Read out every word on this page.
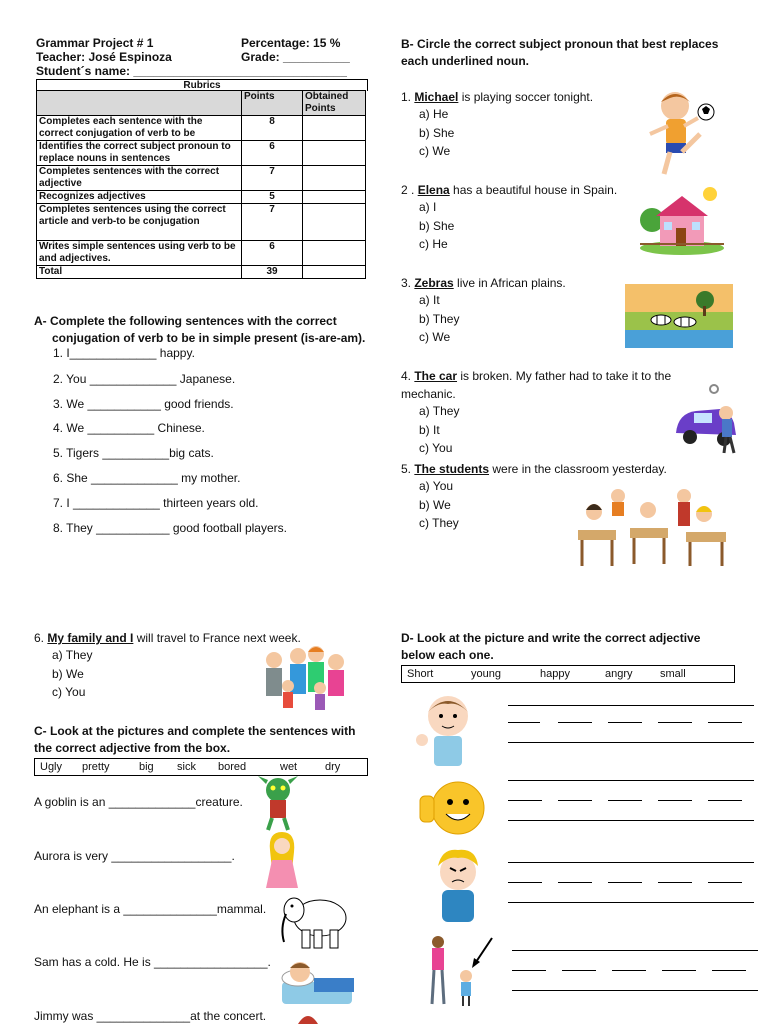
Grammar Project # 1
Teacher: José Espinoza
Student´s name: ________________________________
Percentage: 15 %
Grade: __________
Rubrics
	Points	Obtained Points
Completes each sentence with the correct conjugation of verb to be	8	
Identifies the correct subject pronoun to replace nouns in sentences	6	
Completes sentences with the correct adjective	7	
Recognizes adjectives	5	
Completes sentences using the correct article and verb-to be conjugation	7	
Writes simple sentences using verb to be and adjectives.	6	
Total	39	
A- Complete the following sentences with the correct
conjugation of verb to be in simple present (is-are-am).
1. I_____________ happy.
2. You _____________ Japanese.
3. We ___________ good friends.
4. We __________ Chinese.
5. Tigers __________big cats.
6. She _____________ my mother.
7. I _____________ thirteen years old.
8. They ___________ good football players.
B- Circle the correct subject pronoun that best replaces
each underlined noun.
1. Michael is playing soccer tonight.
a) He
b) She
c) We
2 . Elena has a beautiful house in Spain.
a) I
b) She
c) He
3. Zebras live in African plains.
a) It
b) They
c) We
4. The car is broken. My father had to take it to the
mechanic.
a) They
b) It
c) You
5. The students were in the classroom yesterday.
a) You
b) We
c) They
6. My family and I will travel to France next week.
a) They
b) We
c) You
C- Look at the pictures and complete the sentences with
the correct adjective from the box.
Ugly pretty	big sick bored	wet	dry
A goblin is an _____________creature.
Aurora is very __________________.
An elephant is a ______________mammal.
Sam has a cold. He is _________________.
Jimmy was ______________at the concert.
D- Look at the picture and write the correct adjective
below each one.
Short	young	happy	angry small
